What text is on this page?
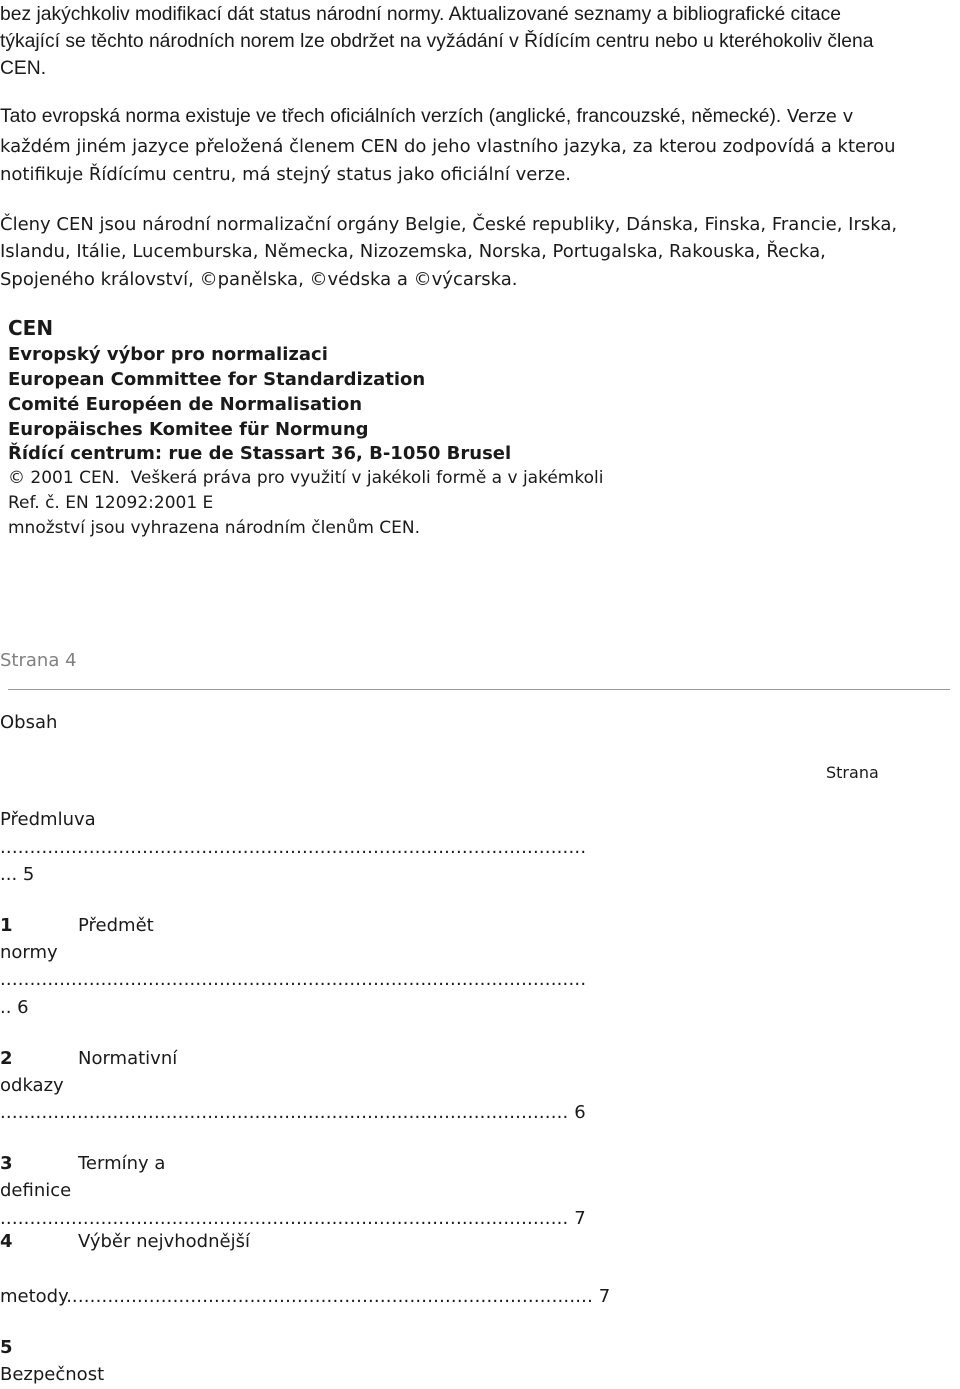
bez jakýchkoliv modifikací dát status národní normy. Aktualizované seznamy a bibliografické citace
týkající se těchto národních norem lze obdržet na vyžádání v Řídícím centru nebo u kteréhokoliv člena
CEN.
Tato evropská norma existuje ve třech oficiálních verzích (anglické, francouzské, německé). Verze v
každém jiném jazyce přeložená členem CEN do jeho vlastního jazyka, za kterou zodpovídá a kterou
notifikuje Řídícímu centru, má stejný status jako oficiální verze.
Členy CEN jsou národní normalizační orgány Belgie, České republiky, Dánska, Finska, Francie, Irska,
Islandu, Itálie, Lucemburska, Německa, Nizozemska, Norska, Portugalska, Rakouska, Řecka,
Spojeného království, ©panělska, ©védska a ©výcarska.
CEN
Evropský výbor pro normalizaci
European Committee for Standardization
Comité Européen de Normalisation
Europäisches Komitee für Normung
Řídící centrum: rue de Stassart 36, B-1050 Brusel
© 2001 CEN. Veškerá práva pro využití v jakékoli formě a v jakémkoli
Ref. č. EN 12092:2001 E
množství jsou vyhrazena národním členům CEN.
Strana 4
Obsah
Strana
Předmluva
...................................................................................................
... 5
1	Předmět
normy
...................................................................................................
.. 6
2	Normativní
odkazy
................................................................................................ 6
3	Termíny a
definice
................................................................................................ 7
4	Výběr nejvhodnější
metody......................................................................................... 7
5
Bezpečnost
